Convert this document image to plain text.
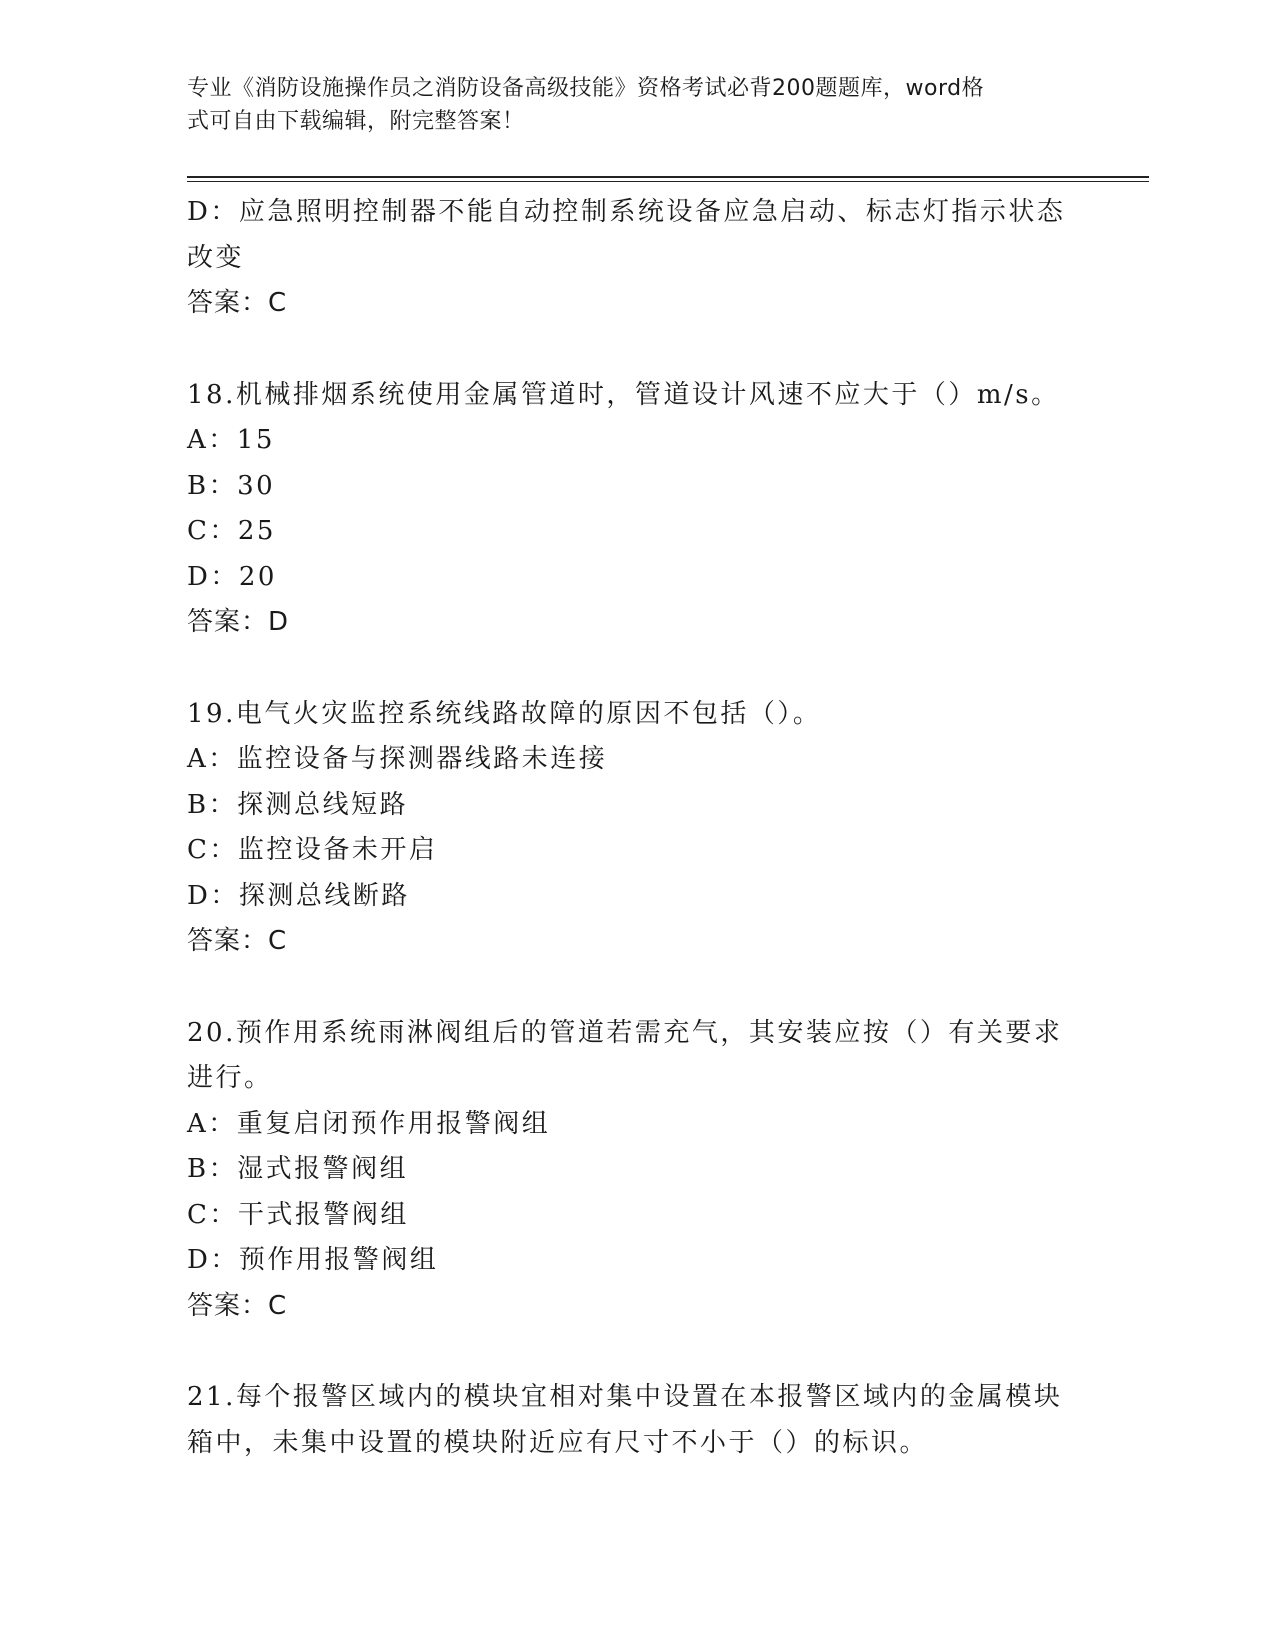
专业《消防设施操作员之消防设备高级技能》资格考试必背200题题库，word格
式可自由下载编辑，附完整答案！
D：应急照明控制器不能自动控制系统设备应急启动、标志灯指示状态
改变
答案：C
18.机械排烟系统使用金属管道时，管道设计风速不应大于（）m/s。
A：15
B：30
C：25
D：20
答案：D
19.电气火灾监控系统线路故障的原因不包括（）。
A：监控设备与探测器线路未连接
B：探测总线短路
C：监控设备未开启
D：探测总线断路
答案：C
20.预作用系统雨淋阀组后的管道若需充气，其安装应按（）有关要求
进行。
A：重复启闭预作用报警阀组
B：湿式报警阀组
C：干式报警阀组
D：预作用报警阀组
答案：C
21.每个报警区域内的模块宜相对集中设置在本报警区域内的金属模块
箱中，未集中设置的模块附近应有尺寸不小于（）的标识。
